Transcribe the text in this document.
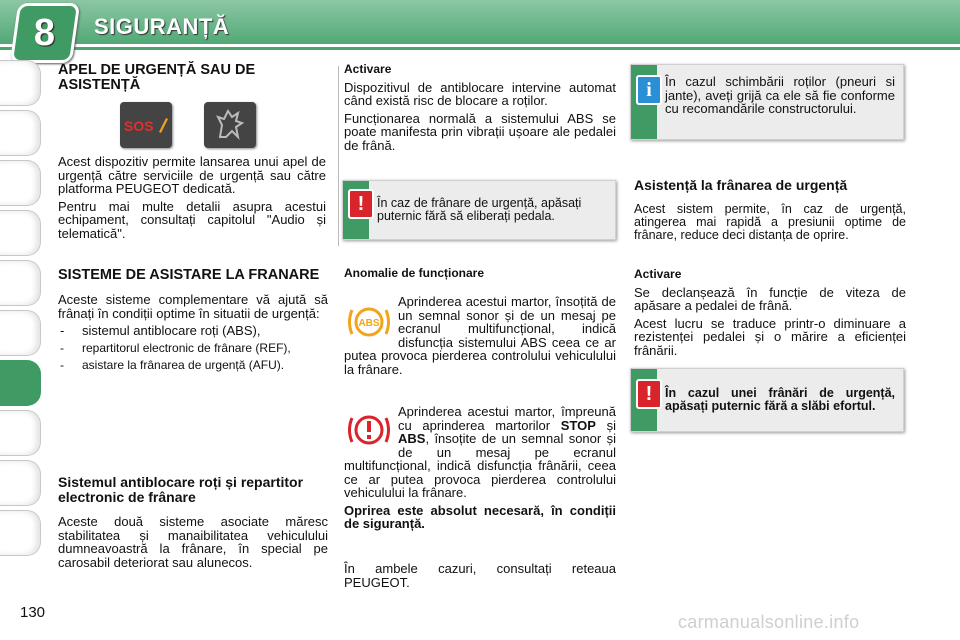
8 SIGURANȚĂ
APEL DE URGENȚĂ SAU DE ASISTENȚĂ
SOS

Acest dispozitiv permite lansarea unui apel de urgență către serviciile de urgență sau către platforma PEUGEOT dedicată.

Pentru mai multe detalii asupra acestui echipament, consultați capitolul "Audio și telematică".

SISTEME DE ASISTARE LA FRANARE

Aceste sisteme complementare vă ajută să frânați în condiții optime în situatii de urgență:

- sistemul antiblocare roți (ABS),
- repartitorul electronic de frânare (REF),
- asistare la frânarea de urgență (AFU).
Sistemul antiblocare roți și repartitor electronic de frânare

Aceste două sisteme asociate măresc stabilitatea și manaibilitatea vehiculului dumneavoastră la frânare, în special pe carosabil deteriorat sau alunecos.

Activare

Dispozitivul de antiblocare intervine automat când există risc de blocare a roților.

Funcționarea normală a sistemului ABS se poate manifesta prin vibrații ușoare ale pedalei de frână.

!	În caz de frânare de urgență, apăsați puternic fără să eliberați pedala.
Anomalie de funcționare
ABS
Aprinderea acestui martor, însoțită de un semnal sonor și de un mesaj pe ecranul multifuncțional, indică disfuncția sistemului ABS ceea ce ar putea provoca pierderea controlului vehiculului la frânare.
Aprinderea acestui martor, împreună cu aprinderea martorilor STOP și ABS, însoțite de un semnal sonor și de un mesaj pe ecranul multifuncțional, indică disfuncția frânării, ceea ce ar putea provoca pierderea controlului vehiculului la frânare.

Oprirea este absolut necesară, în condiții de siguranță.

În ambele cazuri, consultați reteaua PEUGEOT.

i	În cazul schimbării roților (pneuri si jante), aveți grijă ca ele să fie conforme cu recomandările constructorului.
Asistență la frânarea de urgență

Acest sistem permite, în caz de urgență, atingerea mai rapidă a presiunii optime de frânare, reduce deci distanța de oprire.

Activare

Se declanșează în funcție de viteza de apăsare a pedalei de frână.

Acest lucru se traduce printr-o diminuare a rezistenței pedalei și o mărire a eficienței frânării.

!	În cazul unei frânări de urgență, apăsați puternic fără a slăbi efortul.
130	carmanualsonline.info
